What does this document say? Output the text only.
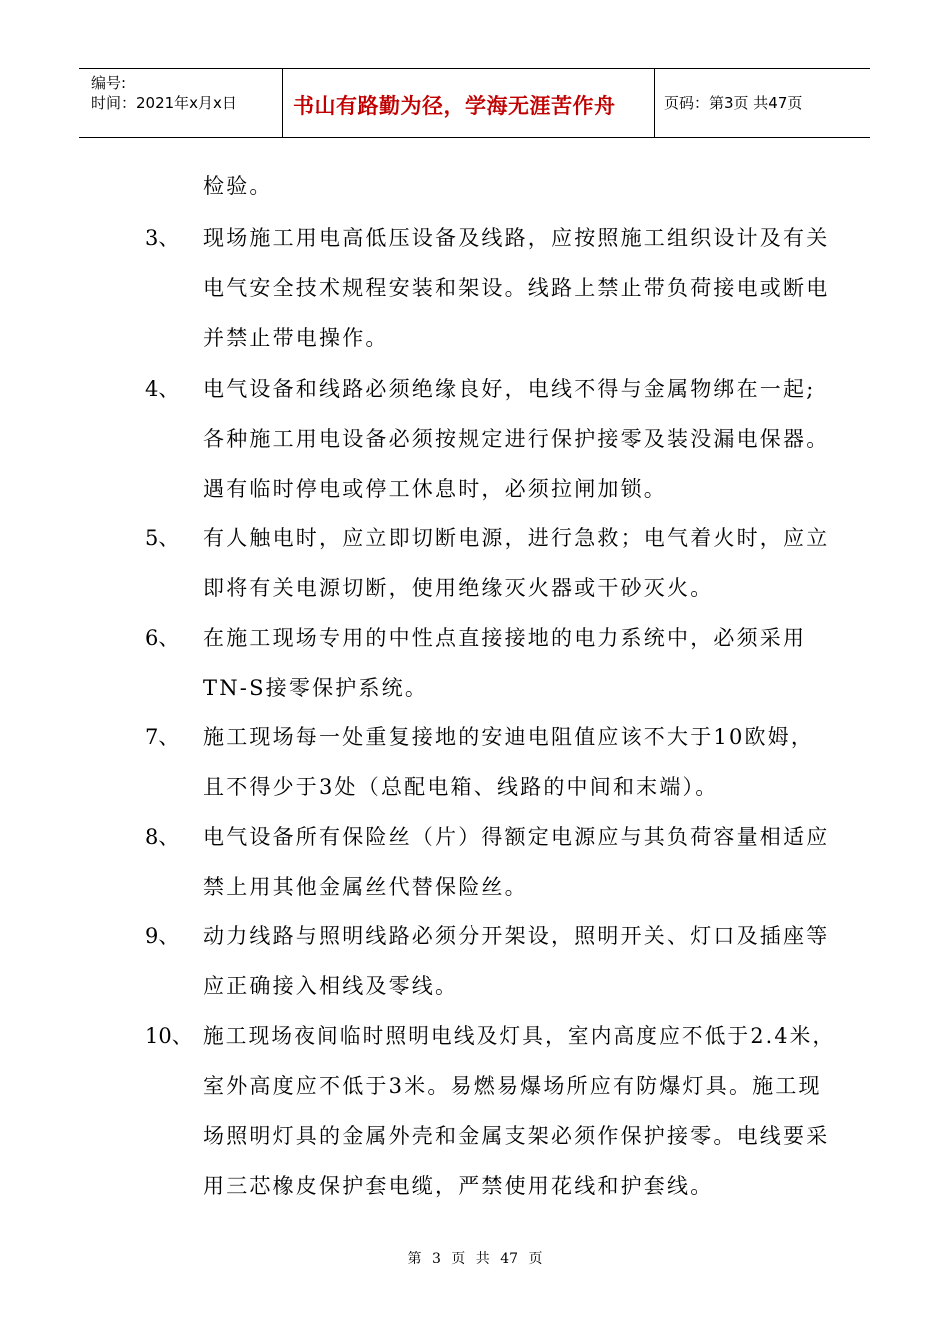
编号:
时间：2021年x月x日	书山有路勤为径，学海无涯苦作舟	页码：第3页 共47页
检验。
3、 现场施工用电高低压设备及线路，应按照施工组织设计及有关
电气安全技术规程安装和架设。线路上禁止带负荷接电或断电
并禁止带电操作。
4、 电气设备和线路必须绝缘良好，电线不得与金属物绑在一起;
各种施工用电设备必须按规定进行保护接零及装没漏电保器。
遇有临时停电或停工休息时，必须拉闸加锁。
5、 有人触电时，应立即切断电源，进行急救；电气着火时，应立
即将有关电源切断，使用绝缘灭火器或干砂灭火。
6、 在施工现场专用的中性点直接接地的电力系统中，必须采用
TN-S接零保护系统。
7、 施工现场每一处重复接地的安迪电阻值应该不大于10欧姆，
且不得少于3处（总配电箱、线路的中间和末端）。
8、 电气设备所有保险丝（片）得额定电源应与其负荷容量相适应
禁上用其他金属丝代替保险丝。
9、 动力线路与照明线路必须分开架设，照明开关、灯口及插座等
应正确接入相线及零线。
10、 施工现场夜间临时照明电线及灯具，室内高度应不低于2.4米，
室外高度应不低于3米。易燃易爆场所应有防爆灯具。施工现
场照明灯具的金属外壳和金属支架必须作保护接零。电线要采
用三芯橡皮保护套电缆，严禁使用花线和护套线。
第 3 页 共 47 页
